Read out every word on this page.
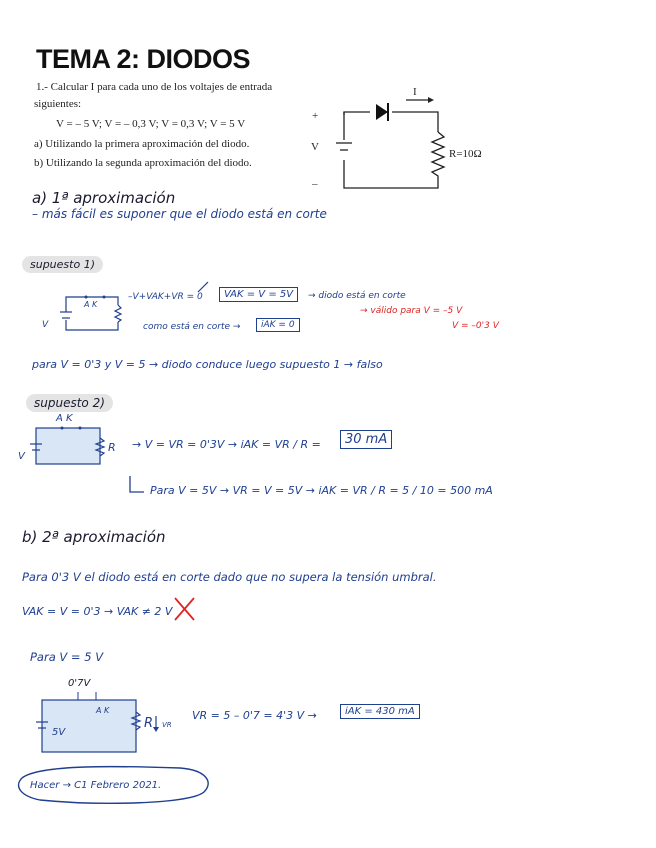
TEMA 2: DIODOS
1.- Calcular I para cada uno de los voltajes de entrada
siguientes:
V = – 5 V; V = – 0,3 V; V = 0,3 V; V = 5 V
a) Utilizando la primera aproximación del diodo.
b) Utilizando la segunda aproximación del diodo.
+
V
–
I
R=10Ω
a) 1ª aproximación
– más fácil es suponer que el diodo está en corte
supuesto 1)
A K
V
–V+VAK+VR = 0	VAK = V = 5V	→ diodo está en corte
→ válido para V = –5 V
V = –0'3 V
como está en corte →	iAK = 0
para V = 0'3 y V = 5 → diodo conduce luego supuesto 1 → falso
supuesto 2)
A K
V
R → V = VR = 0'3V → iAK = VR / R =	30 mA
Para V = 5V → VR = V = 5V → iAK = VR / R = 5 / 10 = 500 mA
b) 2ª aproximación
Para 0'3 V el diodo está en corte dado que no supera la tensión umbral.
VAK = V = 0'3 → VAK ≠ 2 V
Para V = 5 V
0'7V
A K
5V
R VR
VR = 5 – 0'7 = 4'3 V →	iAK = 430 mA
Hacer → C1 Febrero 2021.
